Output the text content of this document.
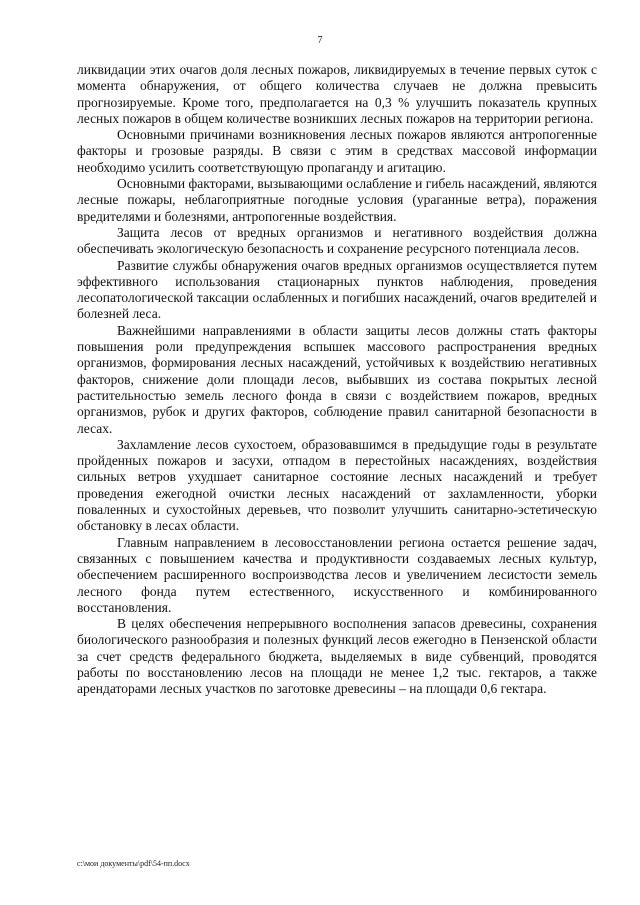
7

ликвидации этих очагов доля лесных пожаров, ликвидируемых в течение первых суток с момента обнаружения, от общего количества случаев не должна превысить прогнозируемые. Кроме того, предполагается на 0,3 % улучшить показатель крупных лесных пожаров в общем количестве возникших лесных пожаров на территории региона.

Основными причинами возникновения лесных пожаров являются антропогенные факторы и грозовые разряды. В связи с этим в средствах массовой информации необходимо усилить соответствующую пропаганду и агитацию.

Основными факторами, вызывающими ослабление и гибель насаждений, являются лесные пожары, неблагоприятные погодные условия (ураганные ветра), поражения вредителями и болезнями, антропогенные воздействия.

Защита лесов от вредных организмов и негативного воздействия должна обеспечивать экологическую безопасность и сохранение ресурсного потенциала лесов.

Развитие службы обнаружения очагов вредных организмов осуществляется путем эффективного использования стационарных пунктов наблюдения, проведения лесопатологической таксации ослабленных и погибших насаждений, очагов вредителей и болезней леса.

Важнейшими направлениями в области защиты лесов должны стать факторы повышения роли предупреждения вспышек массового распространения вредных организмов, формирования лесных насаждений, устойчивых к воздействию негативных факторов, снижение доли площади лесов, выбывших из состава покрытых лесной растительностью земель лесного фонда в связи с воздействием пожаров, вредных организмов, рубок и других факторов, соблюдение правил санитарной безопасности в лесах.

Захламление лесов сухостоем, образовавшимся в предыдущие годы в результате пройденных пожаров и засухи, отпадом в перестойных насаждениях, воздействия сильных ветров ухудшает санитарное состояние лесных насаждений и требует проведения ежегодной очистки лесных насаждений от захламленности, уборки поваленных и сухостойных деревьев, что позволит улучшить санитарно-эстетическую обстановку в лесах области.

Главным направлением в лесовосстановлении региона остается решение задач, связанных с повышением качества и продуктивности создаваемых лесных культур, обеспечением расширенного воспроизводства лесов и увеличением лесистости земель лесного фонда путем естественного, искусственного и комбинированного восстановления.

В целях обеспечения непрерывного восполнения запасов древесины, сохранения биологического разнообразия и полезных функций лесов ежегодно в Пензенской области за счет средств федерального бюджета, выделяемых в виде субвенций, проводятся работы по восстановлению лесов на площади не менее 1,2 тыс. гектаров, а также арендаторами лесных участков по заготовке древесины – на площади 0,6 гектара.

c:\мои документы\pdf\54-пп.docx
